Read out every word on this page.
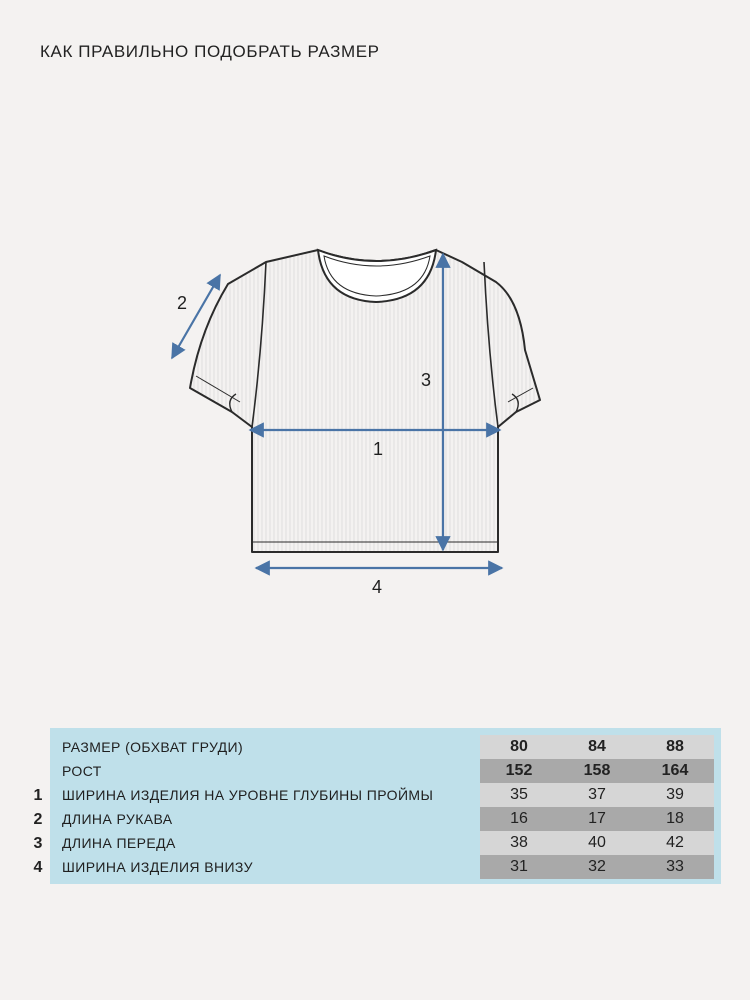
КАК ПРАВИЛЬНО ПОДОБРАТЬ РАЗМЕР
1
2
3
4
1
2
3
4
РАЗМЕР (ОБХВАТ ГРУДИ)	80	84	88
РОСТ	152	158	164
ШИРИНА ИЗДЕЛИЯ НА УРОВНЕ ГЛУБИНЫ ПРОЙМЫ	35	37	39
ДЛИНА РУКАВА	16	17	18
ДЛИНА ПЕРЕДА	38	40	42
ШИРИНА ИЗДЕЛИЯ ВНИЗУ	31	32	33
